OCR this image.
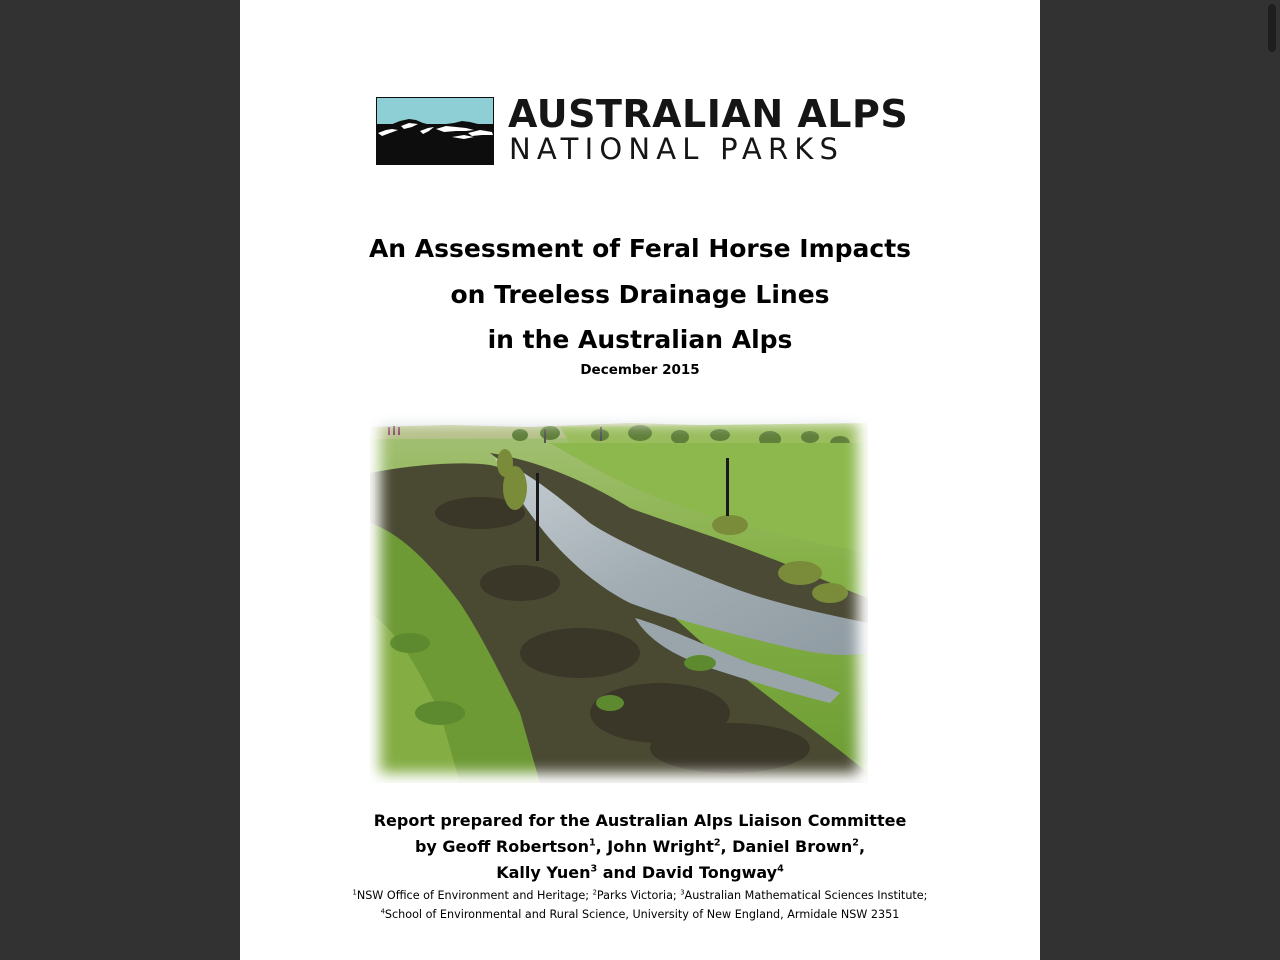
AUSTRALIAN ALPS
NATIONAL PARKS
An Assessment of Feral Horse Impacts
on Treeless Drainage Lines
in the Australian Alps
December 2015
Report prepared for the Australian Alps Liaison Committee
by Geoff Robertson$^1$, John Wright$^2$, Daniel Brown$^2$,
Kally Yuen$^3$ and David Tongway$^4$
$^1$NSW Office of Environment and Heritage; $^2$Parks Victoria; $^3$Australian Mathematical Sciences Institute;
$^4$School of Environmental and Rural Science, University of New England, Armidale NSW 2351
